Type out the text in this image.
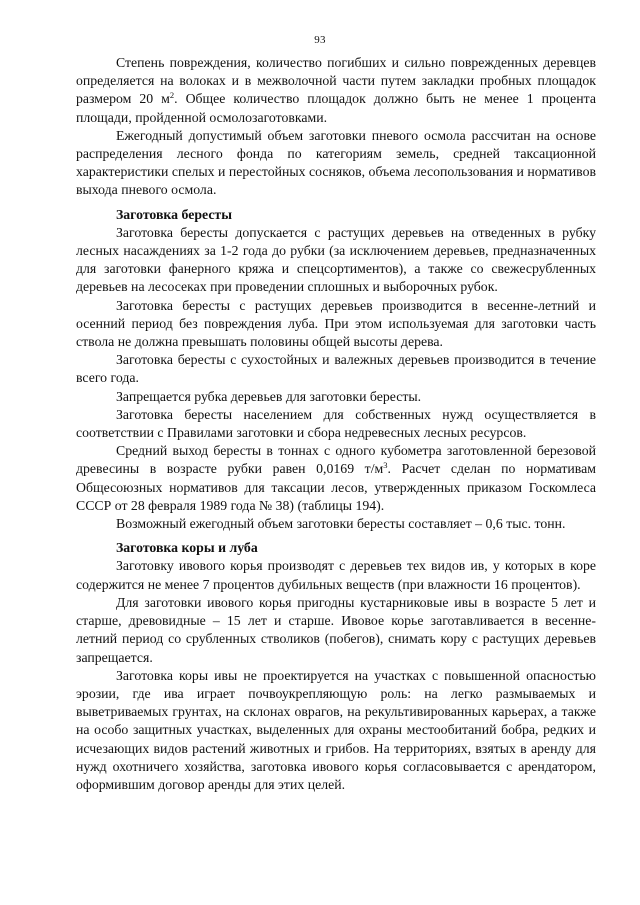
93

Степень повреждения, количество погибших и сильно поврежденных деревцев определяется на волоках и в межволочной части путем закладки пробных площадок размером 20 $м^2$. Общее количество площадок должно быть не менее 1 процента площади, пройденной осмолозаготовками.

Ежегодный допустимый объем заготовки пневого осмола рассчитан на основе распределения лесного фонда по категориям земель, средней таксационной характеристики спелых и перестойных сосняков, объема лесопользования и нормативов выхода пневого осмола.

Заготовка бересты

Заготовка бересты допускается с растущих деревьев на отведенных в рубку лесных насаждениях за 1-2 года до рубки (за исключением деревьев, предназначенных для заготовки фанерного кряжа и спецсортиментов), а также со свежесрубленных деревьев на лесосеках при проведении сплошных и выборочных рубок.

Заготовка бересты с растущих деревьев производится в весенне-летний и осенний период без повреждения луба. При этом используемая для заготовки часть ствола не должна превышать половины общей высоты дерева.

Заготовка бересты с сухостойных и валежных деревьев производится в течение всего года.

Запрещается рубка деревьев для заготовки бересты.

Заготовка бересты населением для собственных нужд осуществляется в соответствии с Правилами заготовки и сбора недревесных лесных ресурсов.

Средний выход бересты в тоннах с одного кубометра заготовленной березовой древесины в возрасте рубки равен 0,0169 $т/м^3$. Расчет сделан по нормативам Общесоюзных нормативов для таксации лесов, утвержденных приказом Госкомлеса СССР от 28 февраля 1989 года № 38) (таблицы 194).

Возможный ежегодный объем заготовки бересты составляет – 0,6 тыс. тонн.

Заготовка коры и луба

Заготовку ивового корья производят с деревьев тех видов ив, у которых в коре содержится не менее 7 процентов дубильных веществ (при влажности 16 процентов).

Для заготовки ивового корья пригодны кустарниковые ивы в возрасте 5 лет и старше, древовидные – 15 лет и старше. Ивовое корье заготавливается в весенне-летний период со срубленных стволиков (побегов), снимать кору с растущих деревьев запрещается.

Заготовка коры ивы не проектируется на участках с повышенной опасностью эрозии, где ива играет почвоукрепляющую роль: на легко размываемых и выветриваемых грунтах, на склонах оврагов, на рекультивированных карьерах, а также на особо защитных участках, выделенных для охраны местообитаний бобра, редких и исчезающих видов растений животных и грибов. На территориях, взятых в аренду для нужд охотничего хозяйства, заготовка ивового корья согласовывается с арендатором, оформившим договор аренды для этих целей.
